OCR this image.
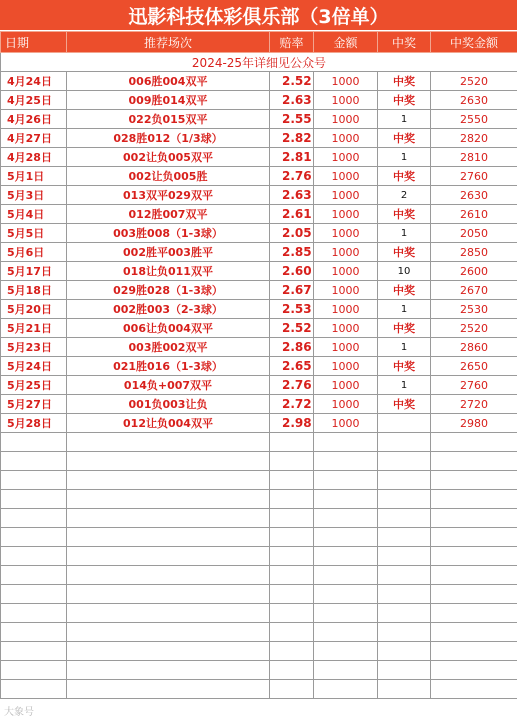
迅影科技体彩俱乐部（3倍单）
日期	推荐场次	赔率	金额	中奖	中奖金额
2024-25年详细见公众号					
4月24日	006胜004双平	2.52	1000	中奖	2520
4月25日	009胜014双平	2.63	1000	中奖	2630
4月26日	022负015双平	2.55	1000	1	2550
4月27日	028胜012（1/3球）	2.82	1000	中奖	2820
4月28日	002让负005双平	2.81	1000	1	2810
5月1日	002让负005胜	2.76	1000	中奖	2760
5月3日	013双平029双平	2.63	1000	2	2630
5月4日	012胜007双平	2.61	1000	中奖	2610
5月5日	003胜008（1-3球）	2.05	1000	1	2050
5月6日	002胜平003胜平	2.85	1000	中奖	2850
5月17日	018让负011双平	2.60	1000	10	2600
5月18日	029胜028（1-3球）	2.67	1000	中奖	2670
5月20日	002胜003（2-3球）	2.53	1000	1	2530
5月21日	006让负004双平	2.52	1000	中奖	2520
5月23日	003胜002双平	2.86	1000	1	2860
5月24日	021胜016（1-3球）	2.65	1000	中奖	2650
5月25日	014负+007双平	2.76	1000	1	2760
5月27日	001负003让负	2.72	1000	中奖	2720
5月28日	012让负004双平	2.98	1000		2980

大象号
